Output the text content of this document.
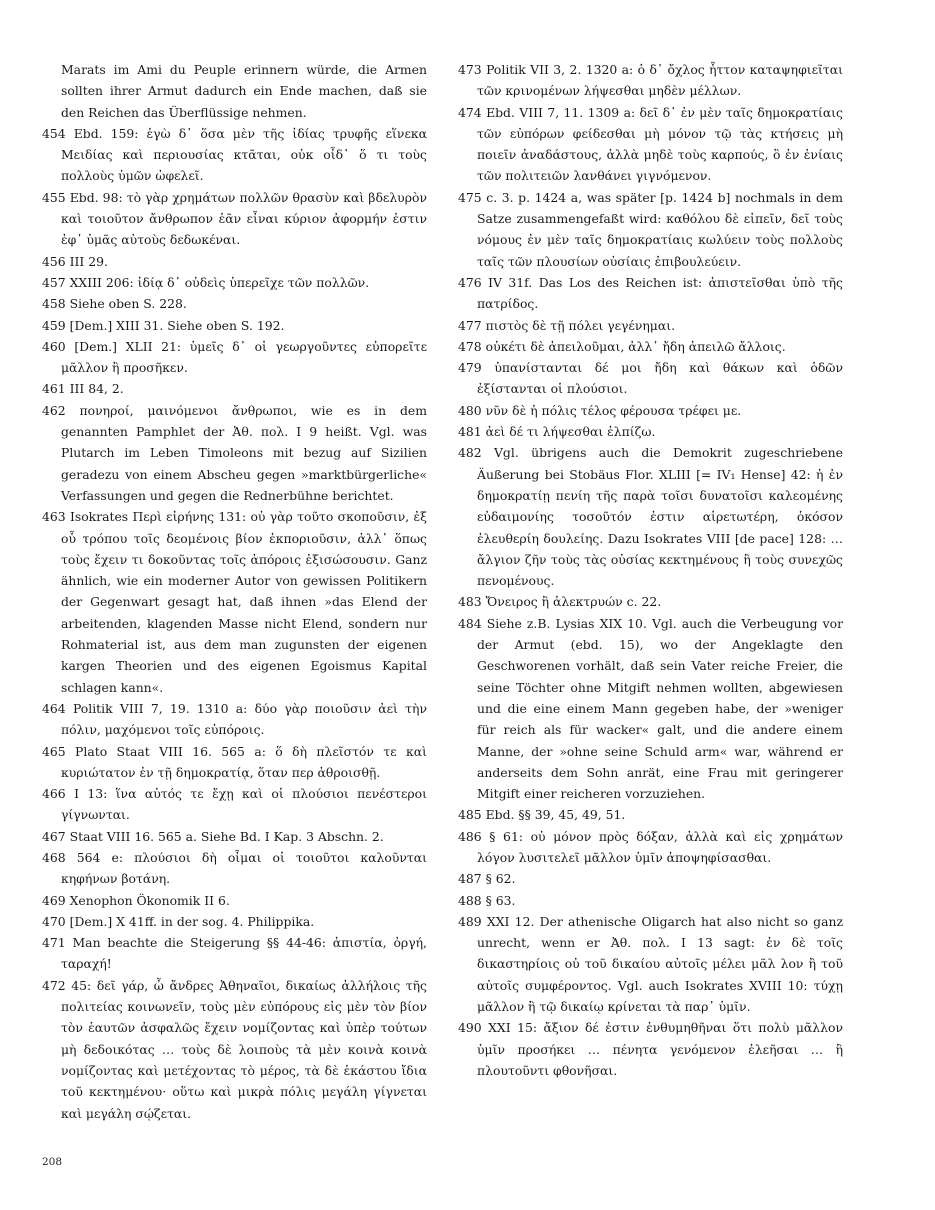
Marats im Ami du Peuple erinnern würde, die Armen sollten ihrer Armut dadurch ein Ende machen, daß sie den Reichen das Überflüssige nehmen.

454 Ebd. 159: ἐγὼ δ᾿ ὅσα μὲν τῆς ἰδίας τρυφῆς εἵνεκα Μειδίας καὶ περιουσίας κτᾶται, οὐκ οἶδ᾿ ὅ τι τοὺς πολλοὺς ὑμῶν ὠφελεῖ.

455 Ebd. 98: τὸ γὰρ χρημάτων πολλῶν θρασὺν καὶ βδελυρὸν καὶ τοιοῦτον ἄνθρωπον ἐᾶν εἶναι κύριον ἀφορμήν ἐστιν ἐφ᾿ ὑμᾶς αὐτοὺς δεδωκέναι.

456 III 29.

457 XXIII 206: ἰδίᾳ δ᾿ οὐδεὶς ὑπερεῖχε τῶν πολλῶν.

458 Siehe oben S. 228.

459 [Dem.] XIII 31. Siehe oben S. 192.

460 [Dem.] XLII 21: ὑμεῖς δ᾿ οἱ γεωργοῦντες εὐπορεῖτε μᾶλλον ἢ προσῆκεν.

461 III 84, 2.

462 πονηροί, μαινόμενοι ἄνθρωποι, wie es in dem genannten Pamphlet der Ἀθ. πολ. I 9 heißt. Vgl. was Plutarch im Leben Timoleons mit bezug auf Sizilien geradezu von einem Abscheu gegen »marktbürgerliche« Verfassungen und gegen die Rednerbühne berichtet.

463 Isokrates Περὶ εἰρήνης 131: οὐ γὰρ τοῦτο σκοποῦσιν, ἐξ οὗ τρόπου τοῖς δεομένοις βίον ἐκποριοῦσιν, ἀλλ᾿ ὅπως τοὺς ἔχειν τι δοκοῦντας τοῖς ἀπόροις ἐξισώσουσιν. Ganz ähnlich, wie ein moderner Autor von gewissen Politikern der Gegenwart gesagt hat, daß ihnen »das Elend der arbeitenden, klagenden Masse nicht Elend, sondern nur Rohmaterial ist, aus dem man zugunsten der eigenen kargen Theorien und des eigenen Egoismus Kapital schlagen kann«.

464 Politik VIII 7, 19. 1310 a: δύο γὰρ ποιοῦσιν ἀεὶ τὴν πόλιν, μαχόμενοι τοῖς εὐπόροις.

465 Plato Staat VIII 16. 565 a: ὅ δὴ πλεῖστόν τε καὶ κυριώτατον ἐν τῇ δημοκρατίᾳ, ὅταν περ ἀθροισθῇ.

466 I 13: ἵνα αὐτός τε ἔχῃ καὶ οἱ πλούσιοι πενέστεροι γίγνωνται.

467 Staat VIII 16. 565 a. Siehe Bd. I Kap. 3 Abschn. 2.

468 564 e: πλούσιοι δὴ οἶμαι οἱ τοιοῦτοι καλοῦνται κηφήνων βοτάνη.

469 Xenophon Ökonomik II 6.

470 [Dem.] X 41ff. in der sog. 4. Philippika.

471 Man beachte die Steigerung §§ 44-46: ἀπιστία, ὀργή, ταραχή!

472 45: δεῖ γάρ, ὦ ἄνδρες Ἀθηναῖοι, δικαίως ἀλλήλοις τῆς πολιτείας κοινωνεῖν, τοὺς μὲν εὐπόρους εἰς μὲν τὸν βίον τὸν ἑαυτῶν ἀσφαλῶς ἔχειν νομίζοντας καὶ ὑπὲρ τούτων μὴ δεδοικότας … τοὺς δὲ λοιποὺς τὰ μὲν κοινὰ κοινὰ νομίζοντας καὶ μετέχοντας τὸ μέρος, τὰ δὲ ἑκάστου ἴδια τοῦ κεκτημένου· οὕτω καὶ μικρὰ πόλις μεγάλη γίγνεται καὶ μεγάλη σῴζεται.

473 Politik VII 3, 2. 1320 a: ὁ δ᾿ ὄχλος ἧττον καταψηφιεῖται τῶν κρινομένων λήψεσθαι μηδὲν μέλλων.

474 Ebd. VIII 7, 11. 1309 a: δεῖ δ᾿ ἐν μὲν ταῖς δημοκρατίαις τῶν εὐπόρων φείδεσθαι μὴ μόνον τῷ τὰς κτήσεις μὴ ποιεῖν ἀναδάστους, ἀλλὰ μηδὲ τοὺς καρπούς, ὃ ἐν ἐνίαις τῶν πολιτειῶν λανθάνει γιγνόμενον.

475 c. 3. p. 1424 a, was später [p. 1424 b] nochmals in dem Satze zusammengefaßt wird: καθόλου δὲ εἰπεῖν, δεῖ τοὺς νόμους ἐν μὲν ταῖς δημοκρατίαις κωλύειν τοὺς πολλοὺς ταῖς τῶν πλουσίων οὐσίαις ἐπιβουλεύειν.

476 IV 31f. Das Los des Reichen ist: ἀπιστεῖσθαι ὑπὸ τῆς πατρίδος.

477 πιστὸς δὲ τῇ πόλει γεγένημαι.

478 οὐκέτι δὲ ἀπειλοῦμαι, ἀλλ᾿ ἤδη ἀπειλῶ ἄλλοις.

479 ὑπανίστανται δέ μοι ἤδη καὶ θάκων καὶ ὁδῶν ἐξίστανται οἱ πλούσιοι.

480 νῦν δὲ ἡ πόλις τέλος φέρουσα τρέφει με.

481 ἀεὶ δέ τι λήψεσθαι ἐλπίζω.

482 Vgl. übrigens auch die Demokrit zugeschriebene Äußerung bei Stobäus Flor. XLIII [= IV₁ Hense] 42: ἡ ἐν δημοκρατίῃ πενίη τῆς παρὰ τοῖσι δυνατοῖσι καλεομένης εὐδαιμονίης τοσοῦτόν ἐστιν αἱρετωτέρη, ὁκόσον ἐλευθερίη δουλείης. Dazu Isokrates VIII [de pace] 128: … ἄλγιον ζῆν τοὺς τὰς οὐσίας κεκτημένους ἢ τοὺς συνεχῶς πενομένους.

483 Ὄνειρος ἢ ἀλεκτρυών c. 22.

484 Siehe z.B. Lysias XIX 10. Vgl. auch die Verbeugung vor der Armut (ebd. 15), wo der Angeklagte den Geschworenen vorhält, daß sein Vater reiche Freier, die seine Töchter ohne Mitgift nehmen wollten, abgewiesen und die eine einem Mann gegeben habe, der »weniger für reich als für wacker« galt, und die andere einem Manne, der »ohne seine Schuld arm« war, während er anderseits dem Sohn anrät, eine Frau mit geringerer Mitgift einer reicheren vorzuziehen.

485 Ebd. §§ 39, 45, 49, 51.

486 § 61: οὐ μόνον πρὸς δόξαν, ἀλλὰ καὶ εἰς χρημάτων λόγον λυσιτελεῖ μᾶλλον ὑμῖν ἀποψηφίσασθαι.

487 § 62.

488 § 63.

489 XXI 12. Der athenische Oligarch hat also nicht so ganz unrecht, wenn er Ἀθ. πολ. I 13 sagt: ἐν δὲ τοῖς δικαστηρίοις οὐ τοῦ δικαίου αὐτοῖς μέλει μᾶλ λον ἢ τοῦ αὐτοῖς συμφέροντος. Vgl. auch Isokrates XVIII 10: τύχῃ μᾶλλον ἢ τῷ δικαίῳ κρίνεται τὰ παρ᾿ ὑμῖν.

490 XXI 15: ἄξιον δέ ἐστιν ἐνθυμηθῆναι ὅτι πολὺ μᾶλλον ὑμῖν προσήκει … πένητα γενόμενον ἐλεῆσαι … ἢ πλουτοῦντι φθονῆσαι.

208
